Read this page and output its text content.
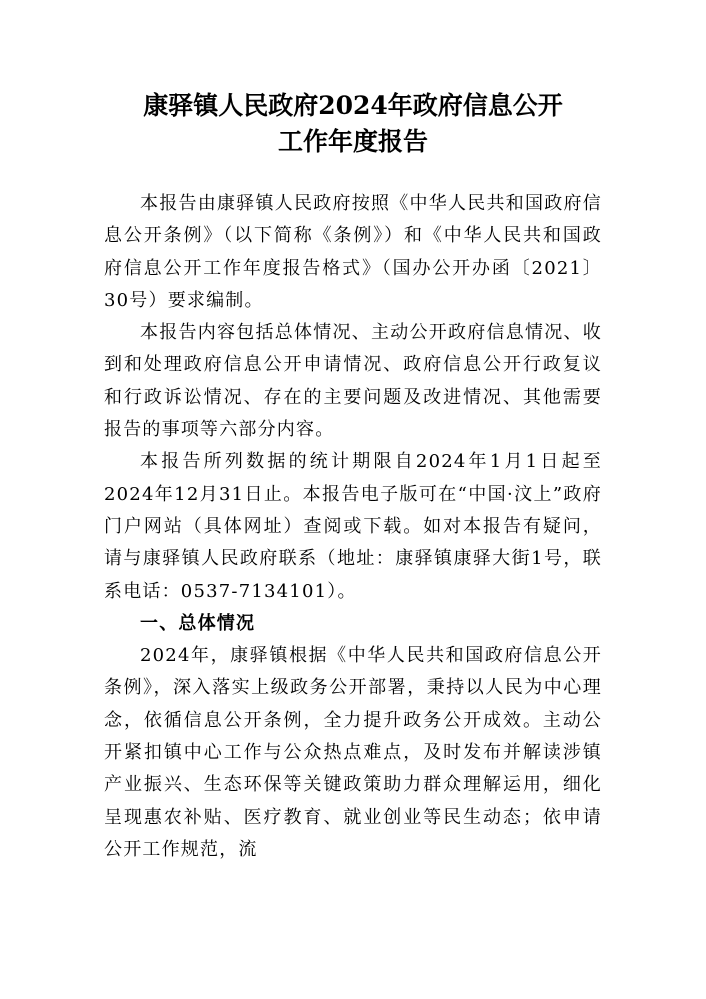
康驿镇人民政府2024年政府信息公开
工作年度报告

本报告由康驿镇人民政府按照《中华人民共和国政府信息公开条例》（以下简称《条例》）和《中华人民共和国政府信息公开工作年度报告格式》（国办公开办函〔2021〕30号）要求编制。

本报告内容包括总体情况、主动公开政府信息情况、收到和处理政府信息公开申请情况、政府信息公开行政复议和行政诉讼情况、存在的主要问题及改进情况、其他需要报告的事项等六部分内容。

本报告所列数据的统计期限自2024年1月1日起至2024年12月31日止。本报告电子版可在“中国·汶上”政府门户网站（具体网址）查阅或下载。如对本报告有疑问，请与康驿镇人民政府联系（地址：康驿镇康驿大街1号，联系电话：0537-7134101）。

一、总体情况

2024年，康驿镇根据《中华人民共和国政府信息公开条例》，深入落实上级政务公开部署，秉持以人民为中心理念，依循信息公开条例，全力提升政务公开成效。主动公开紧扣镇中心工作与公众热点难点，及时发布并解读涉镇产业振兴、生态环保等关键政策助力群众理解运用，细化呈现惠农补贴、医疗教育、就业创业等民生动态；依申请公开工作规范，流
